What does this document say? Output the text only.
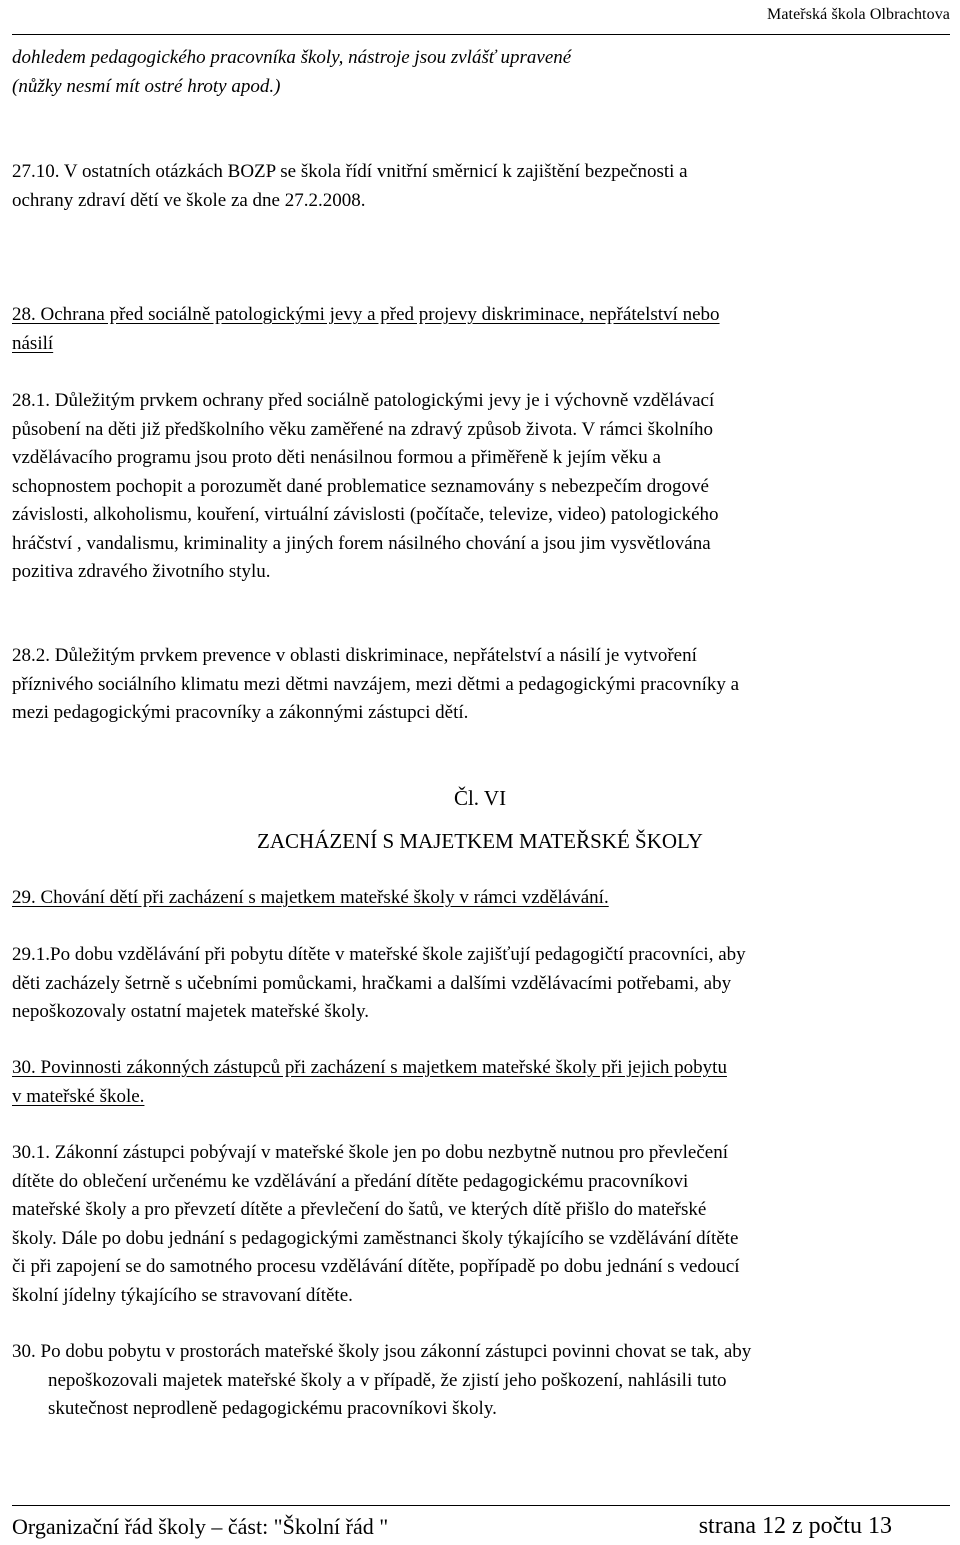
Mateřská škola Olbrachtova

dohledem pedagogického pracovníka školy, nástroje jsou zvlášť upravené
(nůžky nesmí mít ostré hroty apod.)

27.10. V ostatních otázkách BOZP se škola řídí vnitřní směrnicí k zajištění bezpečnosti a
ochrany zdraví dětí ve škole za dne 27.2.2008.

28. Ochrana před sociálně patologickými jevy a před projevy diskriminace, nepřátelství nebo
násilí

28.1. Důležitým prvkem ochrany před sociálně patologickými jevy je i výchovně vzdělávací
působení na děti již předškolního věku zaměřené na zdravý způsob života. V rámci školního
vzdělávacího programu jsou proto děti nenásilnou formou a přiměřeně k jejím věku a
schopnostem pochopit a porozumět dané problematice seznamovány s nebezpečím drogové
závislosti, alkoholismu, kouření, virtuální závislosti (počítače, televize, video) patologického
hráčství , vandalismu, kriminality a jiných forem násilného chování a jsou jim vysvětlována
pozitiva zdravého životního stylu.

28.2. Důležitým prvkem prevence v oblasti diskriminace, nepřátelství a násilí je vytvoření
příznivého sociálního klimatu mezi dětmi navzájem, mezi dětmi a pedagogickými pracovníky a
mezi pedagogickými pracovníky a zákonnými zástupci dětí.

Čl. VI

ZACHÁZENÍ S MAJETKEM MATEŘSKÉ ŠKOLY

29. Chování dětí při zacházení s majetkem mateřské školy v rámci vzdělávání.

29.1.Po dobu vzdělávání při pobytu dítěte v mateřské škole zajišťují pedagogičtí pracovníci, aby
děti zacházely šetrně s učebními pomůckami, hračkami a dalšími vzdělávacími potřebami, aby
nepoškozovaly ostatní majetek mateřské školy.

30. Povinnosti zákonných zástupců při zacházení s majetkem mateřské školy při jejich pobytu
v mateřské škole.

30.1. Zákonní zástupci pobývají v mateřské škole jen po dobu nezbytně nutnou pro převlečení
dítěte do oblečení určenému ke vzdělávání a předání dítěte pedagogickému pracovníkovi
mateřské školy a pro převzetí dítěte a převlečení do šatů, ve kterých dítě přišlo do mateřské
školy. Dále po dobu jednání s pedagogickými zaměstnanci školy týkajícího se vzdělávání dítěte
či při zapojení se do samotného procesu vzdělávání dítěte, popřípadě po dobu jednání s vedoucí
školní jídelny týkajícího se stravovaní dítěte.

30. Po dobu pobytu v prostorách mateřské školy jsou zákonní zástupci povinni chovat se tak, aby
nepoškozovali majetek mateřské školy a v případě, že zjistí jeho poškození, nahlásili tuto
skutečnost neprodleně pedagogickému pracovníkovi školy.

Organizační řád školy – část: "Školní řád "	strana 12 z počtu 13
